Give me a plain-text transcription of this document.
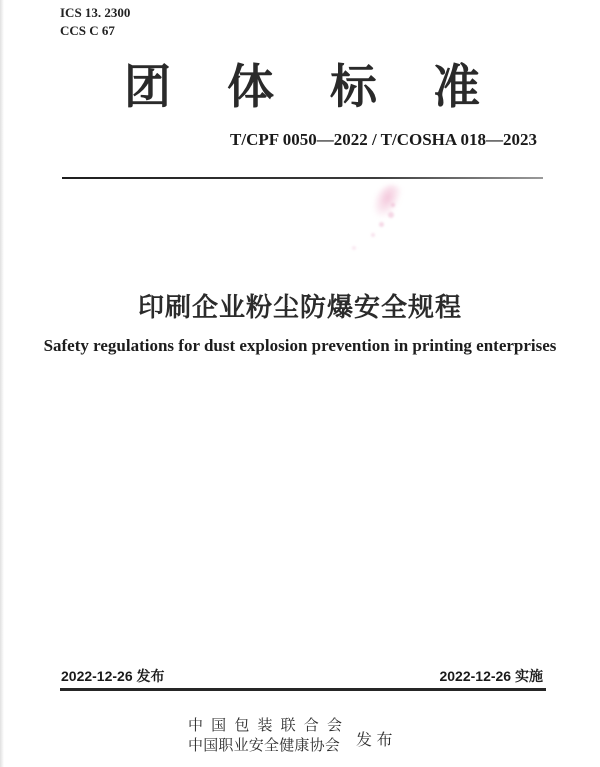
ICS 13. 2300
CCS C 67
团 体 标 准
T/CPF 0050—2022 / T/COSHA 018—2023
印刷企业粉尘防爆安全规程
Safety regulations for dust explosion prevention in printing enterprises
2022-12-26 发布	2022-12-26 实施
中 国 包 装 联 合 会
中国职业安全健康协会 发 布
